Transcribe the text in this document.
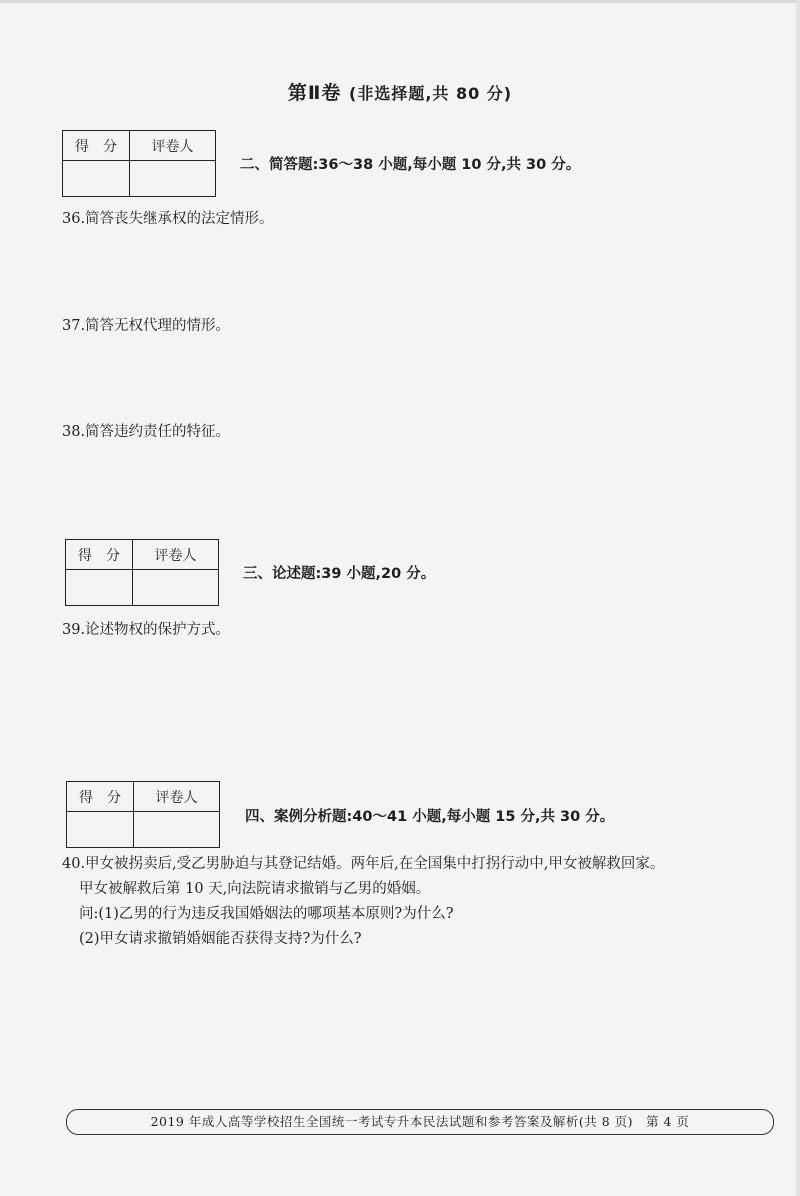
第Ⅱ卷 (非选择题,共 80 分)
得　分	评卷人

二、简答题:36～38 小题,每小题 10 分,共 30 分。
36.简答丧失继承权的法定情形。
37.简答无权代理的情形。
38.简答违约责任的特征。
得　分	评卷人

三、论述题:39 小题,20 分。
39.论述物权的保护方式。
得　分	评卷人

四、案例分析题:40～41 小题,每小题 15 分,共 30 分。

40.甲女被拐卖后,受乙男胁迫与其登记结婚。两年后,在全国集中打拐行动中,甲女被解救回家。

甲女被解救后第 10 天,向法院请求撤销与乙男的婚姻。

问:(1)乙男的行为违反我国婚姻法的哪项基本原则?为什么?

(2)甲女请求撤销婚姻能否获得支持?为什么?

2019 年成人高等学校招生全国统一考试专升本民法试题和参考答案及解析(共 8 页)　第 4 页
